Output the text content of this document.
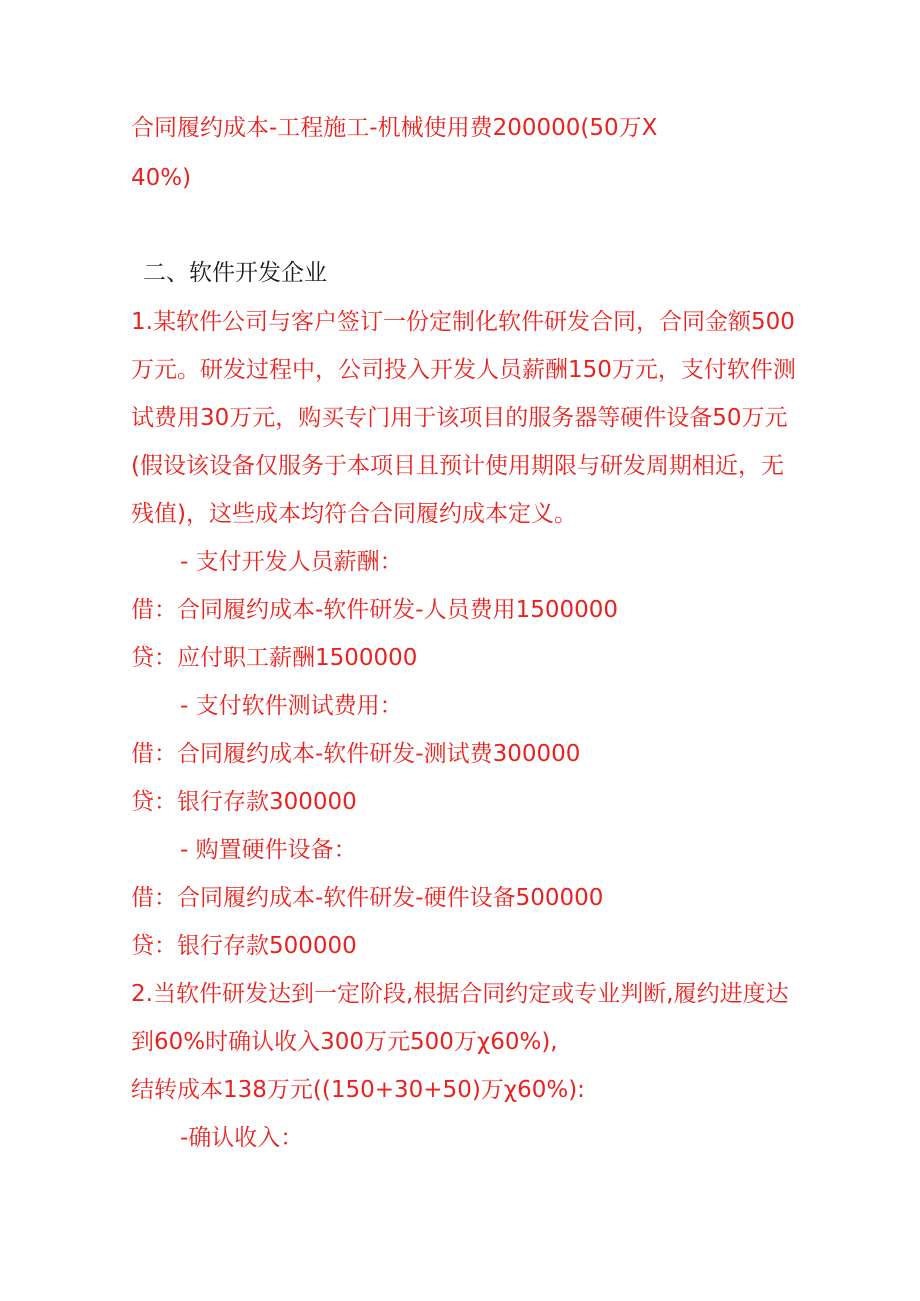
合同履约成本-工程施工-机械使用费200000(50万X
40%)
二、软件开发企业
1.某软件公司与客户签订一份定制化软件研发合同，合同金额500
万元。研发过程中，公司投入开发人员薪酬150万元，支付软件测
试费用30万元，购买专门用于该项目的服务器等硬件设备50万元
(假设该设备仅服务于本项目且预计使用期限与研发周期相近，无
残值)，这些成本均符合合同履约成本定义。
- 支付开发人员薪酬：
借：合同履约成本-软件研发-人员费用1500000
贷：应付职工薪酬1500000
- 支付软件测试费用：
借：合同履约成本-软件研发-测试费300000
贷：银行存款300000
- 购置硬件设备：
借：合同履约成本-软件研发-硬件设备500000
贷：银行存款500000
2.当软件研发达到一定阶段,根据合同约定或专业判断,履约进度达
到60%时确认收入300万元500万χ60%),
结转成本138万元((150+30+50)万χ60%):
-确认收入：
